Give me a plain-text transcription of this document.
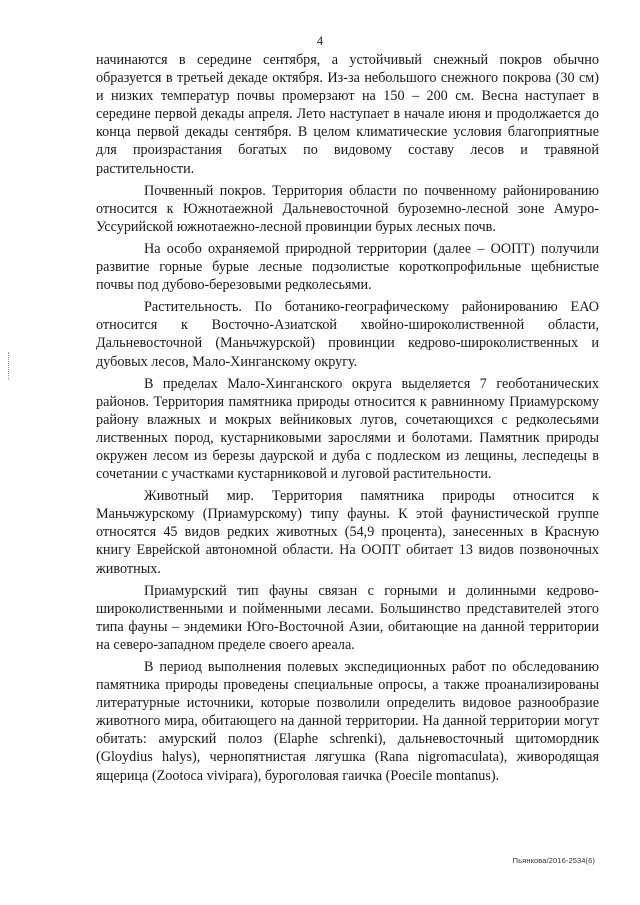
4

начинаются в середине сентября, а устойчивый снежный покров обычно образуется в третьей декаде октября. Из-за небольшого снежного покрова (30 см) и низких температур почвы промерзают на 150 – 200 см. Весна наступает в середине первой декады апреля. Лето наступает в начале июня и продолжается до конца первой декады сентября. В целом климатические условия благоприятные для произрастания богатых по видовому составу лесов и травяной растительности.

Почвенный покров. Территория области по почвенному районированию относится к Южнотаежной Дальневосточной буроземно-лесной зоне Амуро-Уссурийской южнотаежно-лесной провинции бурых лесных почв.

На особо охраняемой природной территории (далее – ООПТ) получили развитие горные бурые лесные подзолистые короткопрофильные щебнистые почвы под дубово-березовыми редколесьями.

Растительность. По ботанико-географическому районированию ЕАО относится к Восточно-Азиатской хвойно-широколиственной области, Дальневосточной (Маньчжурской) провинции кедрово-широколиственных и дубовых лесов, Мало-Хинганскому округу.

В пределах Мало-Хинганского округа выделяется 7 геоботанических районов. Территория памятника природы относится к равнинному Приамурскому району влажных и мокрых вейниковых лугов, сочетающихся с редколесьями лиственных пород, кустарниковыми зарослями и болотами. Памятник природы окружен лесом из березы даурской и дуба с подлеском из лещины, леспедецы в сочетании с участками кустарниковой и луговой растительности.

Животный мир. Территория памятника природы относится к Маньчжурскому (Приамурскому) типу фауны. К этой фаунистической группе относятся 45 видов редких животных (54,9 процента), занесенных в Красную книгу Еврейской автономной области. На ООПТ обитает 13 видов позвоночных животных.

Приамурский тип фауны связан с горными и долинными кедрово-широколиственными и пойменными лесами. Большинство представителей этого типа фауны – эндемики Юго-Восточной Азии, обитающие на данной территории на северо-западном пределе своего ареала.

В период выполнения полевых экспедиционных работ по обследованию памятника природы проведены специальные опросы, а также проанализированы литературные источники, которые позволили определить видовое разнообразие животного мира, обитающего на данной территории. На данной территории могут обитать: амурский полоз (Elaphe schrenki), дальневосточный щитомордник (Gloydius halys), чернопятнистая лягушка (Rana nigromaculata), живородящая ящерица (Zootoca vivipara), буроголовая гаичка (Poecile montanus).

Пьянкова/2016-2534(6)
